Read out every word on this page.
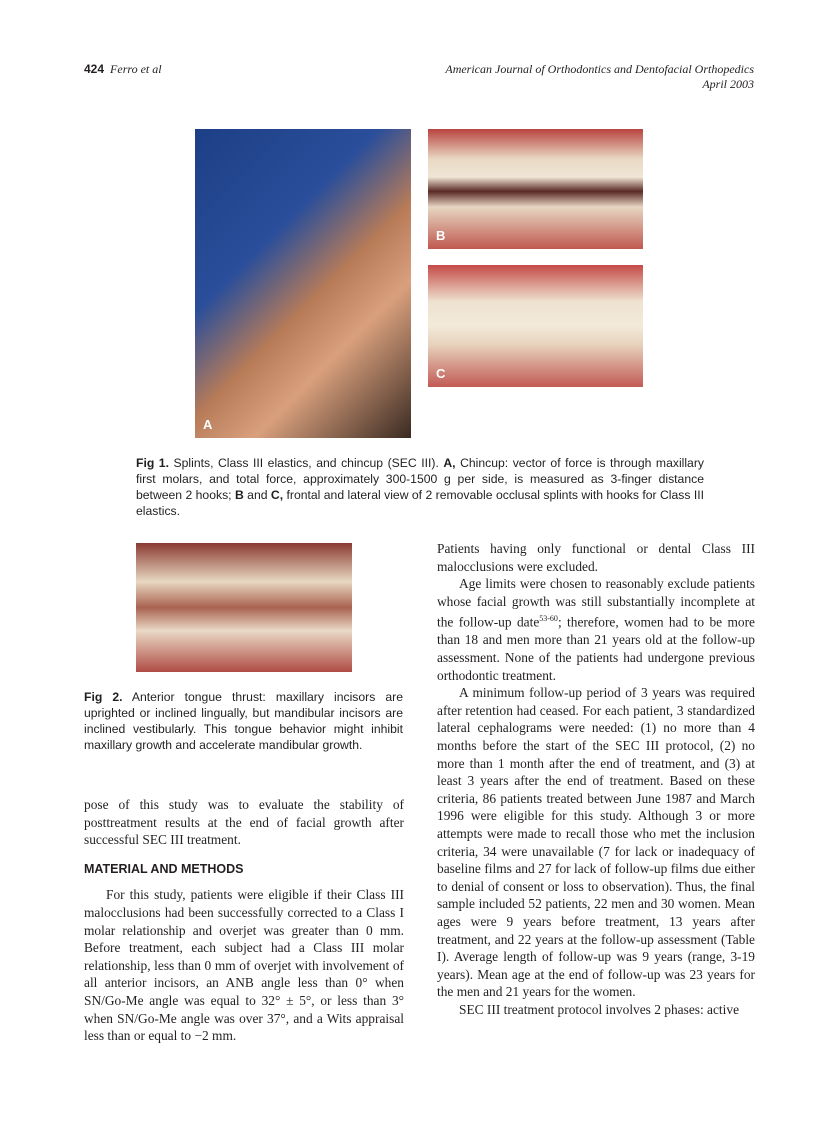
424 Ferro et al	American Journal of Orthodontics and Dentofacial Orthopedics
April 2003
A
B
C
Fig 1. Splints, Class III elastics, and chincup (SEC III). A, Chincup: vector of force is through maxillary first molars, and total force, approximately 300-1500 g per side, is measured as 3-finger distance between 2 hooks; B and C, frontal and lateral view of 2 removable occlusal splints with hooks for Class III elastics.
Fig 2. Anterior tongue thrust: maxillary incisors are uprighted or inclined lingually, but mandibular incisors are inclined vestibularly. This tongue behavior might inhibit maxillary growth and accelerate mandibular growth.

pose of this study was to evaluate the stability of posttreatment results at the end of facial growth after successful SEC III treatment.

MATERIAL AND METHODS

For this study, patients were eligible if their Class III malocclusions had been successfully corrected to a Class I molar relationship and overjet was greater than 0 mm. Before treatment, each subject had a Class III molar relationship, less than 0 mm of overjet with involvement of all anterior incisors, an ANB angle less than 0° when SN/Go-Me angle was equal to 32° ± 5°, or less than 3° when SN/Go-Me angle was over 37°, and a Wits appraisal less than or equal to −2 mm.

Patients having only functional or dental Class III malocclusions were excluded.

Age limits were chosen to reasonably exclude patients whose facial growth was still substantially incomplete at the follow-up date$^{53-60}$; therefore, women had to be more than 18 and men more than 21 years old at the follow-up assessment. None of the patients had undergone previous orthodontic treatment.

A minimum follow-up period of 3 years was required after retention had ceased. For each patient, 3 standardized lateral cephalograms were needed: (1) no more than 4 months before the start of the SEC III protocol, (2) no more than 1 month after the end of treatment, and (3) at least 3 years after the end of treatment. Based on these criteria, 86 patients treated between June 1987 and March 1996 were eligible for this study. Although 3 or more attempts were made to recall those who met the inclusion criteria, 34 were unavailable (7 for lack or inadequacy of baseline films and 27 for lack of follow-up films due either to denial of consent or loss to observation). Thus, the final sample included 52 patients, 22 men and 30 women. Mean ages were 9 years before treatment, 13 years after treatment, and 22 years at the follow-up assessment (Table I). Average length of follow-up was 9 years (range, 3-19 years). Mean age at the end of follow-up was 23 years for the men and 21 years for the women.

SEC III treatment protocol involves 2 phases: active
